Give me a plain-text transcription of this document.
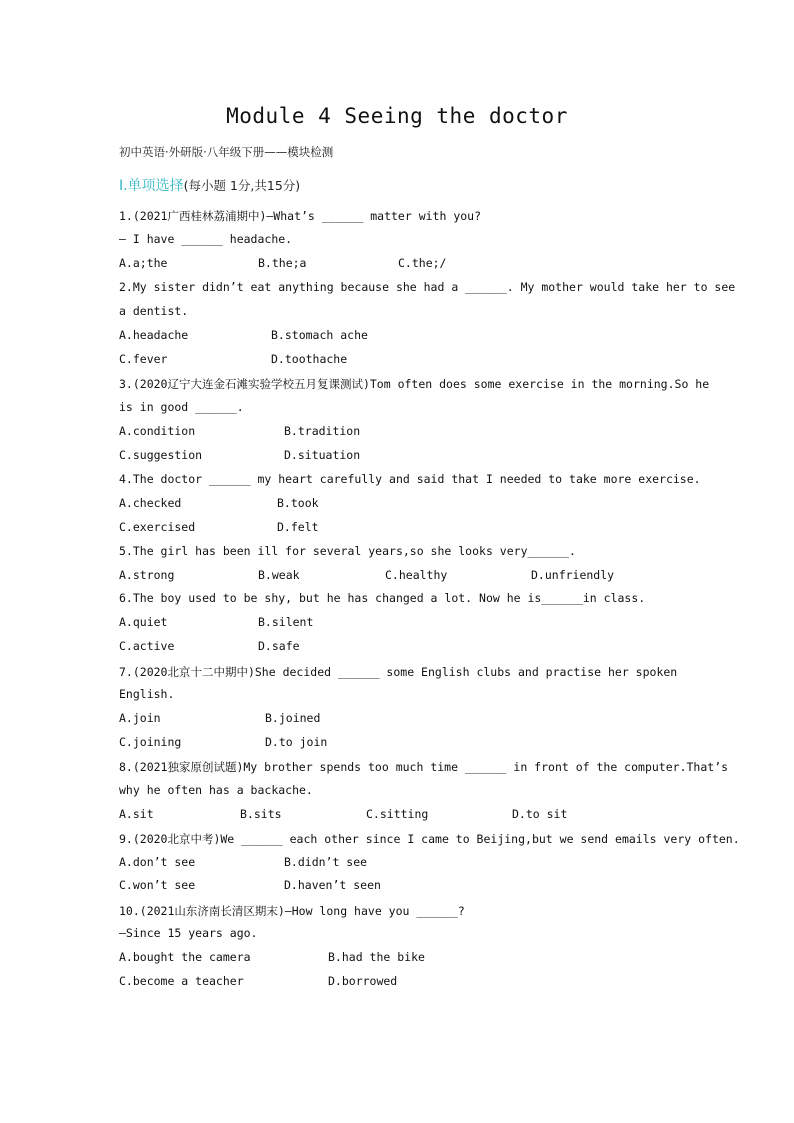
Module 4 Seeing the doctor
初中英语·外研版·八年级下册——模块检测
Ⅰ.单项选择(每小题 1分,共15分)
1.(2021广西桂林荔浦期中)—What’s ______ matter with you?
— I have ______ headache.
A.a;the	B.the;a	C.the;/
2.My sister didn’t eat anything because she had a ______. My mother would take her to see
a dentist.
A.headache	B.stomach ache
C.fever	D.toothache
3.(2020辽宁大连金石滩实验学校五月复课测试)Tom often does some exercise in the morning.So he
is in good ______.
A.condition	B.tradition
C.suggestion	D.situation
4.The doctor ______ my heart carefully and said that I needed to take more exercise.
A.checked	B.took
C.exercised	D.felt
5.The girl has been ill for several years,so she looks very______.
A.strong	B.weak	C.healthy	D.unfriendly
6.The boy used to be shy, but he has changed a lot. Now he is______in class.
A.quiet	B.silent
C.active	D.safe
7.(2020北京十二中期中)She decided ______ some English clubs and practise her spoken
English.
A.join	B.joined
C.joining	D.to join
8.(2021独家原创试题)My brother spends too much time ______ in front of the computer.That’s
why he often has a backache.
A.sit	B.sits	C.sitting	D.to sit
9.(2020北京中考)We ______ each other since I came to Beijing,but we send emails very often.
A.don’t see	B.didn’t see
C.won’t see	D.haven’t seen
10.(2021山东济南长清区期末)—How long have you ______?
—Since 15 years ago.
A.bought the camera	B.had the bike
C.become a teacher	D.borrowed
